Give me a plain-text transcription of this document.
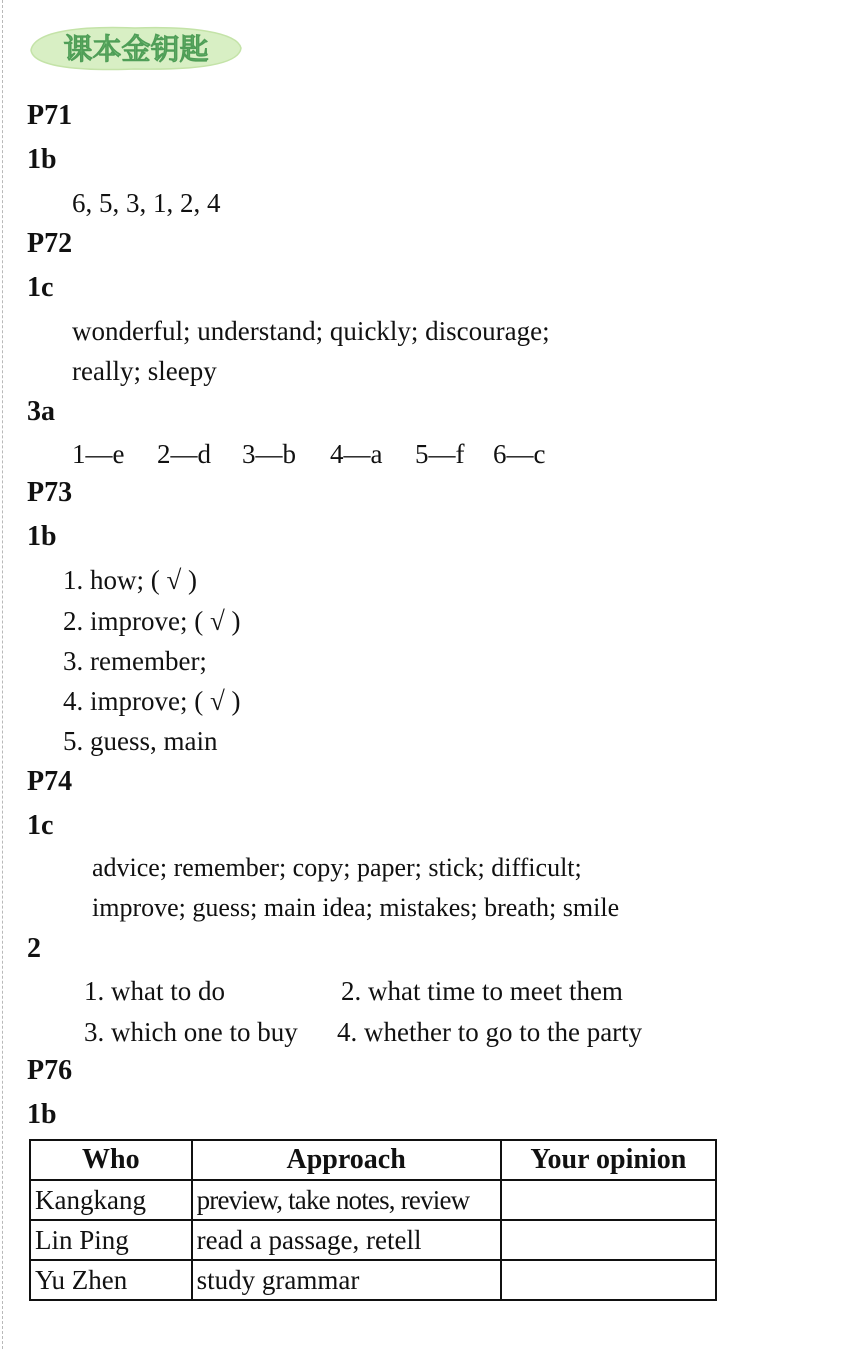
课本金钥匙
P71
1b
6, 5, 3, 1, 2, 4
P72
1c
wonderful; understand; quickly; discourage;
really; sleepy
3a
1—e 2—d 3—b 4—a 5—f 6—c
P73
1b
1. how; ( √ )
2. improve; ( √ )
3. remember;
4. improve; ( √ )
5. guess, main
P74
1c
advice; remember; copy; paper; stick; difficult;
improve; guess; main idea; mistakes; breath; smile
2
1. what to do	2. what time to meet them
3. which one to buy 4. whether to go to the party
P76
1b
Who	Approach	Your opinion
Kangkang	preview, take notes, review	
Lin Ping	read a passage, retell	
Yu Zhen	study grammar	
